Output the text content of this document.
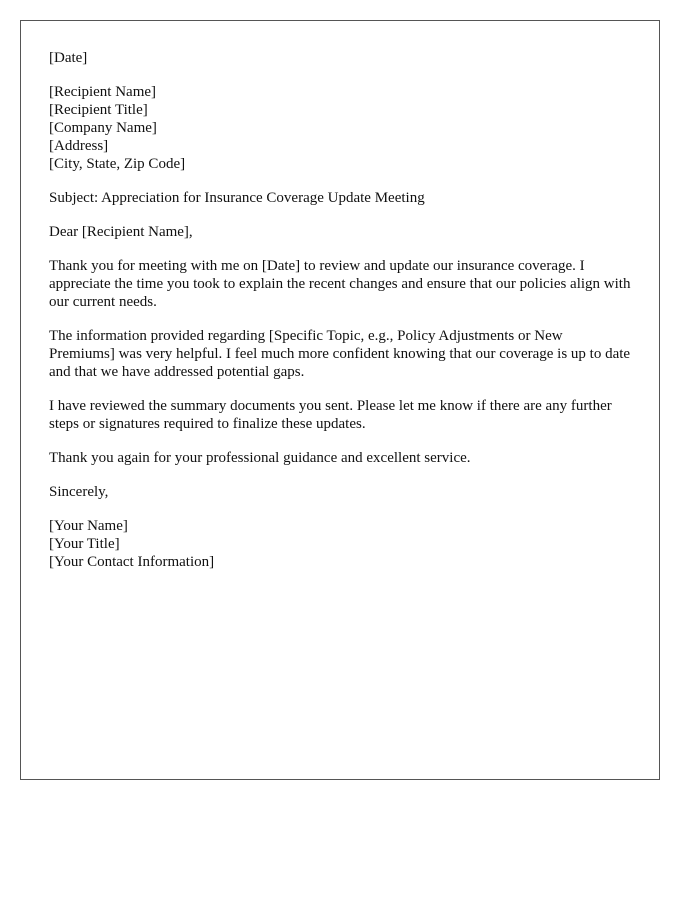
[Date]
[Recipient Name]
[Recipient Title]
[Company Name]
[Address]
[City, State, Zip Code]
Subject: Appreciation for Insurance Coverage Update Meeting
Dear [Recipient Name],

Thank you for meeting with me on [Date] to review and update our insurance coverage. I appreciate the time you took to explain the recent changes and ensure that our policies align with our current needs.

The information provided regarding [Specific Topic, e.g., Policy Adjustments or New Premiums] was very helpful. I feel much more confident knowing that our coverage is up to date and that we have addressed potential gaps.

I have reviewed the summary documents you sent. Please let me know if there are any further steps or signatures required to finalize these updates.

Thank you again for your professional guidance and excellent service.

Sincerely,
[Your Name]
[Your Title]
[Your Contact Information]
